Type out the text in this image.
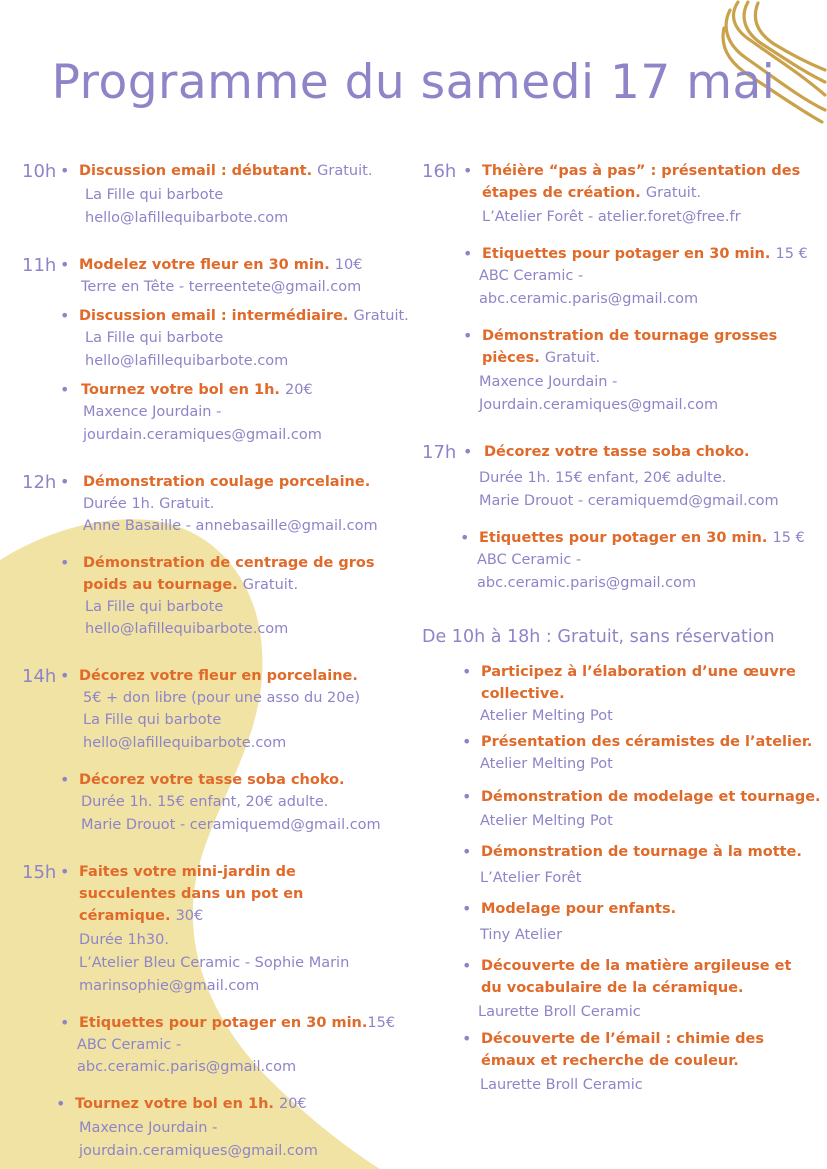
Programme du samedi 17 mai
10h • Discussion email : débutant. Gratuit.
La Fille qui barbote
hello@lafillequibarbote.com
11h • Modelez votre fleur en 30 min. 10€
Terre en Tête - terreentete@gmail.com
• Discussion email : intermédiaire. Gratuit.
La Fille qui barbote
hello@lafillequibarbote.com
• Tournez votre bol en 1h. 20€
Maxence Jourdain -
jourdain.ceramiques@gmail.com
12h • Démonstration coulage porcelaine.
Durée 1h. Gratuit.
Anne Basaille - annebasaille@gmail.com
• Démonstration de centrage de gros poids au tournage. Gratuit.
La Fille qui barbote
hello@lafillequibarbote.com
14h • Décorez votre fleur en porcelaine.
5€ + don libre (pour une asso du 20e)
La Fille qui barbote
hello@lafillequibarbote.com
• Décorez votre tasse soba choko.
Durée 1h. 15€ enfant, 20€ adulte.
Marie Drouot - ceramiquemd@gmail.com
15h • Faites votre mini-jardin de succulentes dans un pot en céramique. 30€
Durée 1h30.
L’Atelier Bleu Ceramic - Sophie Marin
marinsophie@gmail.com
• Etiquettes pour potager en 30 min.15€
ABC Ceramic -
abc.ceramic.paris@gmail.com
• Tournez votre bol en 1h. 20€
Maxence Jourdain -
jourdain.ceramiques@gmail.com
16h • Théière “pas à pas” : présentation des étapes de création. Gratuit.
L’Atelier Forêt - atelier.foret@free.fr
• Etiquettes pour potager en 30 min. 15 €
ABC Ceramic -
abc.ceramic.paris@gmail.com
• Démonstration de tournage grosses pièces. Gratuit.
Maxence Jourdain -
Jourdain.ceramiques@gmail.com
17h • Décorez votre tasse soba choko.
Durée 1h. 15€ enfant, 20€ adulte.
Marie Drouot - ceramiquemd@gmail.com
• Etiquettes pour potager en 30 min. 15 €
ABC Ceramic -
abc.ceramic.paris@gmail.com
De 10h à 18h : Gratuit, sans réservation
• Participez à l’élaboration d’une œuvre collective.
Atelier Melting Pot
• Présentation des céramistes de l’atelier.
Atelier Melting Pot
• Démonstration de modelage et tournage.
Atelier Melting Pot
• Démonstration de tournage à la motte.
L’Atelier Forêt
• Modelage pour enfants.
Tiny Atelier
• Découverte de la matière argileuse et du vocabulaire de la céramique.
Laurette Broll Ceramic
• Découverte de l’émail : chimie des émaux et recherche de couleur.
Laurette Broll Ceramic
